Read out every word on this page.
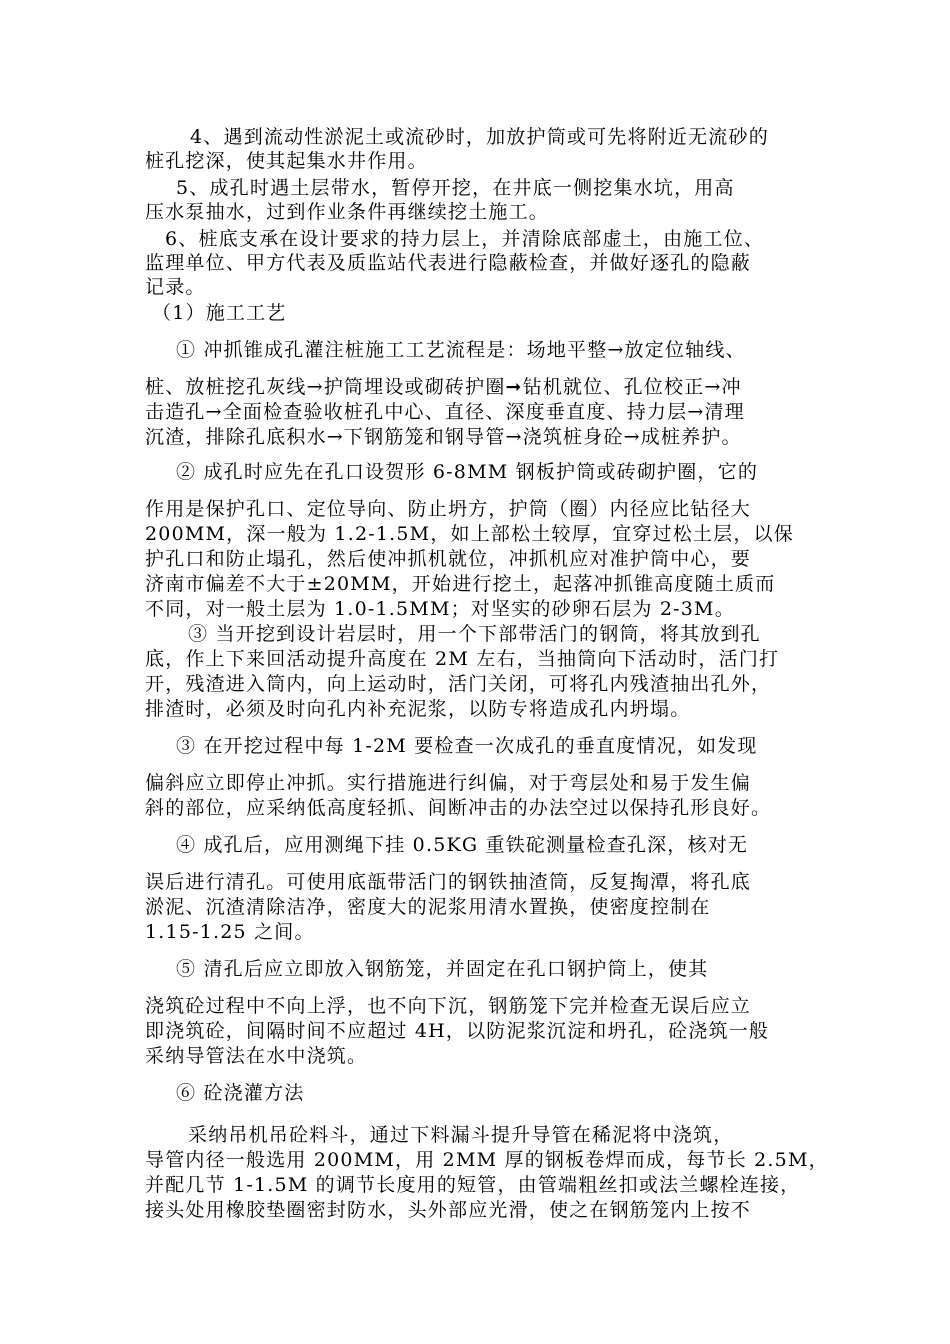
4、遇到流动性淤泥土或流砂时，加放护筒或可先将附近无流砂的
桩孔挖深，使其起集水井作用。
5、成孔时遇土层带水，暂停开挖，在井底一侧挖集水坑，用高
压水泵抽水，过到作业条件再继续挖土施工。
6、桩底支承在设计要求的持力层上，并清除底部虚土，由施工位、
监理单位、甲方代表及质监站代表进行隐蔽检查，并做好逐孔的隐蔽
记录。
（1）施工工艺
① 冲抓锥成孔灌注桩施工工艺流程是：场地平整→放定位轴线、
桩、放桩挖孔灰线→护筒埋设或砌砖护圈➞钻机就位、孔位校正→冲
击造孔→全面检查验收桩孔中心、直径、深度垂直度、持力层→清理
沉渣，排除孔底积水→下钢筋笼和钢导管→浇筑桩身砼→成桩养护。
② 成孔时应先在孔口设贺形 6-8MM 钢板护筒或砖砌护圈，它的
作用是保护孔口、定位导向、防止坍方，护筒（圈）内径应比钻径大
200MM，深一般为 1.2-1.5M，如上部松土较厚，宜穿过松土层，以保
护孔口和防止塌孔，然后使冲抓机就位，冲抓机应对准护筒中心，要
济南市偏差不大于±20MM，开始进行挖土，起落冲抓锥高度随土质而
不同，对一般土层为 1.0-1.5MM；对坚实的砂卵石层为 2-3M。
③ 当开挖到设计岩层时，用一个下部带活门的钢筒，将其放到孔
底，作上下来回活动提升高度在 2M 左右，当抽筒向下活动时，活门打
开，残渣进入筒内，向上运动时，活门关闭，可将孔内残渣抽出孔外，
排渣时，必须及时向孔内补充泥浆，以防专将造成孔内坍塌。
③ 在开挖过程中每 1-2M 要检查一次成孔的垂直度情况，如发现
偏斜应立即停止冲抓。实行措施进行纠偏，对于弯层处和易于发生偏
斜的部位，应采纳低高度轻抓、间断冲击的办法空过以保持孔形良好。
④ 成孔后，应用测绳下挂 0.5KG 重铁砣测量检查孔深，核对无
误后进行清孔。可使用底瓿带活门的钢铁抽渣筒，反复掏潭，将孔底
淤泥、沉渣清除洁净，密度大的泥浆用清水置换，使密度控制在
1.15-1.25 之间。
⑤ 清孔后应立即放入钢筋笼，并固定在孔口钢护筒上，使其
浇筑砼过程中不向上浮，也不向下沉，钢筋笼下完并检查无误后应立
即浇筑砼，间隔时间不应超过 4H，以防泥浆沉淀和坍孔，砼浇筑一般
采纳导管法在水中浇筑。
⑥ 砼浇灌方法
采纳吊机吊砼料斗，通过下料漏斗提升导管在稀泥将中浇筑，
导管内径一般选用 200MM，用 2MM 厚的钢板卷焊而成，每节长 2.5M，
并配几节 1-1.5M 的调节长度用的短管，由管端粗丝扣或法兰螺栓连接，
接头处用橡胶垫圈密封防水，头外部应光滑，使之在钢筋笼内上按不
